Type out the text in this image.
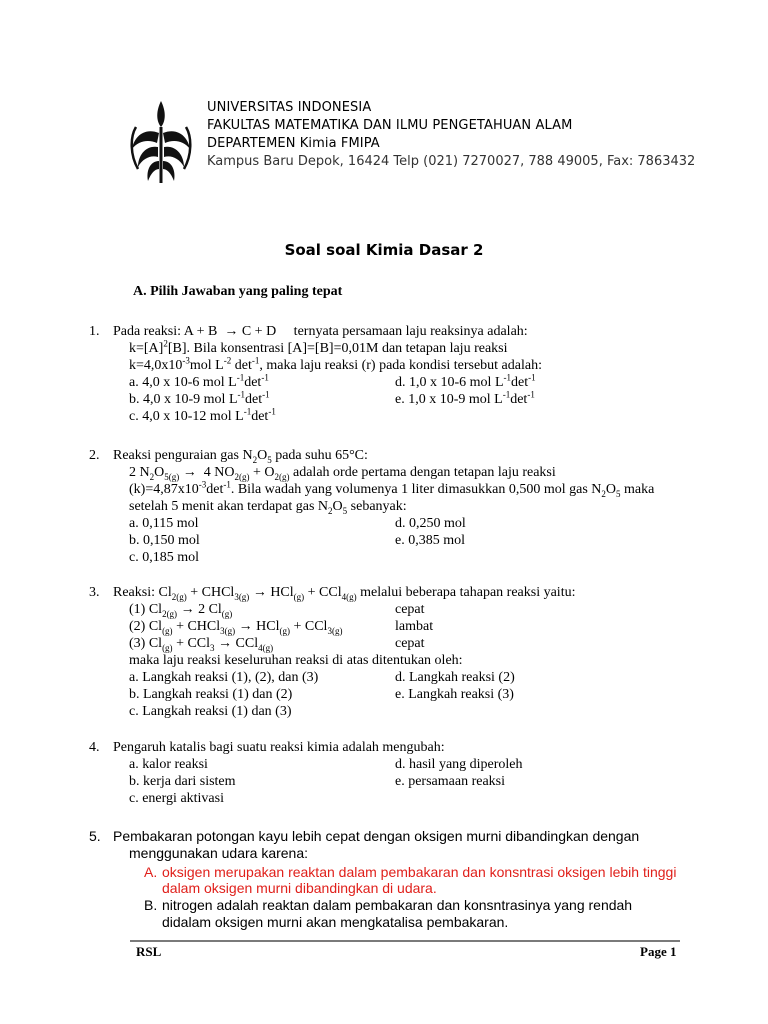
UNIVERSITAS INDONESIA
FAKULTAS MATEMATIKA DAN ILMU PENGETAHUAN ALAM
DEPARTEMEN Kimia FMIPA
Kampus Baru Depok, 16424 Telp (021) 7270027, 788 49005, Fax: 7863432
Soal soal Kimia Dasar 2
A. Pilih Jawaban yang paling tepat
1. Pada reaksi: A + B  → C + D     ternyata persamaan laju reaksinya adalah:
$k=[A]^2[B]$. Bila konsentrasi [A]=[B]=0,01M dan tetapan laju reaksi
$k=4,0x10^{-3}mol$ $L^{-2}$ $\det^{-1}$, maka laju reaksi (r) pada kondisi tersebut adalah:
a. 4,0 x 10-6 mol $L^{-1}\det^{-1}$	d. 1,0 x 10-6 mol $L^{-1}\det^{-1}$
b. 4,0 x 10-9 mol $L^{-1}\det^{-1}$	e. 1,0 x 10-9 mol $L^{-1}\det^{-1}$
c. 4,0 x 10-12 mol $L^{-1}\det^{-1}$
2. Reaksi penguraian gas $N_2O_5$ pada suhu 65°C:
2 $N_2O_{5(g)} \to 4$ $NO_{2(g)} + O_{2(g)}$ adalah orde pertama dengan tetapan laju reaksi
$(k)=4,87x10^{-3}\det^{-1}$. Bila wadah yang volumenya 1 liter dimasukkan 0,500 mol gas $N_2O_5$ maka
setelah 5 menit akan terdapat gas $N_2O_5$ sebanyak:
a. 0,115 mol	d. 0,250 mol
b. 0,150 mol	e. 0,385 mol
c. 0,185 mol
3. Reaksi: $Cl_{2(g)}$ + CHCl$_{3(g)}$ → HCl$_{(g)}$ + CCl$_{4(g)}$ melalui beberapa tahapan reaksi yaitu:
(1) $Cl_{2(g)} \to 2$ $Cl_{(g)}$	cepat
(2) $Cl_{(g)}$ + CHCl$_{3(g)}$ → HCl$_{(g)}$ + CCl$_{3(g)}$	lambat
(3) $Cl_{(g)} + CCl_3 \to CCl_{4(g)}$	cepat
maka laju reaksi keseluruhan reaksi di atas ditentukan oleh:
a. Langkah reaksi (1), (2), dan (3)	d. Langkah reaksi (2)
b. Langkah reaksi (1) dan (2)	e. Langkah reaksi (3)
c. Langkah reaksi (1) dan (3)
4. Pengaruh katalis bagi suatu reaksi kimia adalah mengubah:
a. kalor reaksi	d. hasil yang diperoleh
b. kerja dari sistem	e. persamaan reaksi
c. energi aktivasi
5. Pembakaran potongan kayu lebih cepat dengan oksigen murni dibandingkan dengan
menggunakan udara karena:
A. oksigen merupakan reaktan dalam pembakaran dan konsntrasi oksigen lebih tinggi
dalam oksigen murni dibandingkan di udara.
B. nitrogen adalah reaktan dalam pembakaran dan konsntrasinya yang rendah
didalam oksigen murni akan mengkatalisa pembakaran.
RSL	Page 1
